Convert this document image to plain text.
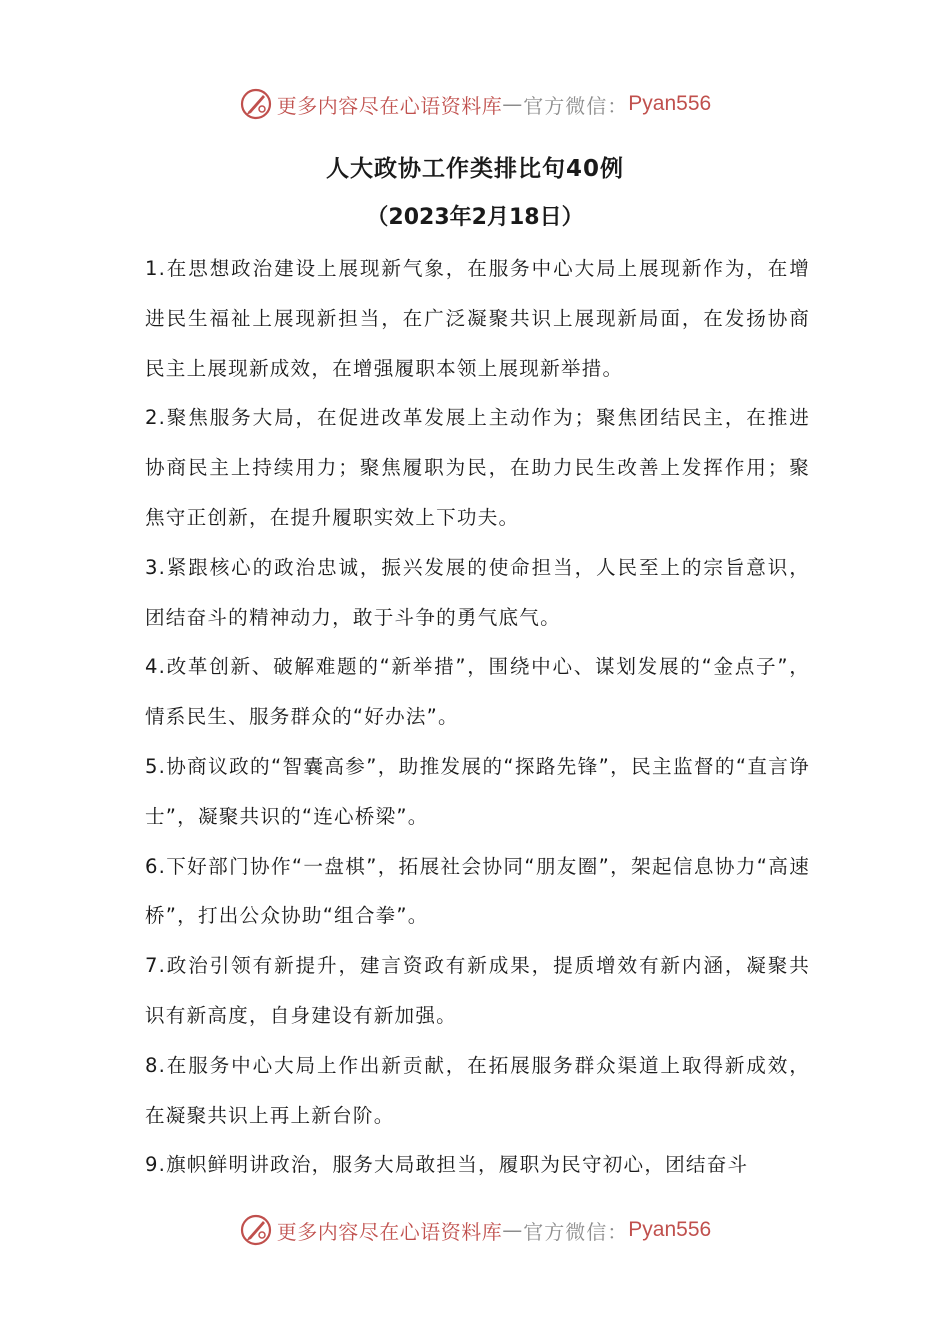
更多内容尽在心语资料库 — 官方微信： Pyan556
人大政协工作类排比句40例
（2023年2月18日）

1.在思想政治建设上展现新气象，在服务中心大局上展现新作为，在增进民生福祉上展现新担当，在广泛凝聚共识上展现新局面，在发扬协商民主上展现新成效，在增强履职本领上展现新举措。

2.聚焦服务大局，在促进改革发展上主动作为；聚焦团结民主，在推进协商民主上持续用力；聚焦履职为民，在助力民生改善上发挥作用；聚焦守正创新，在提升履职实效上下功夫。

3.紧跟核心的政治忠诚，振兴发展的使命担当，人民至上的宗旨意识，团结奋斗的精神动力，敢于斗争的勇气底气。

4.改革创新、破解难题的“新举措”，围绕中心、谋划发展的“金点子”，情系民生、服务群众的“好办法”。

5.协商议政的“智囊高参”，助推发展的“探路先锋”，民主监督的“直言诤士”，凝聚共识的“连心桥梁”。

6.下好部门协作“一盘棋”，拓展社会协同“朋友圈”，架起信息协力“高速桥”，打出公众协助“组合拳”。

7.政治引领有新提升，建言资政有新成果，提质增效有新内涵，凝聚共识有新高度，自身建设有新加强。

8.在服务中心大局上作出新贡献，在拓展服务群众渠道上取得新成效，在凝聚共识上再上新台阶。

9.旗帜鲜明讲政治，服务大局敢担当，履职为民守初心，团结奋斗

更多内容尽在心语资料库 — 官方微信： Pyan556
